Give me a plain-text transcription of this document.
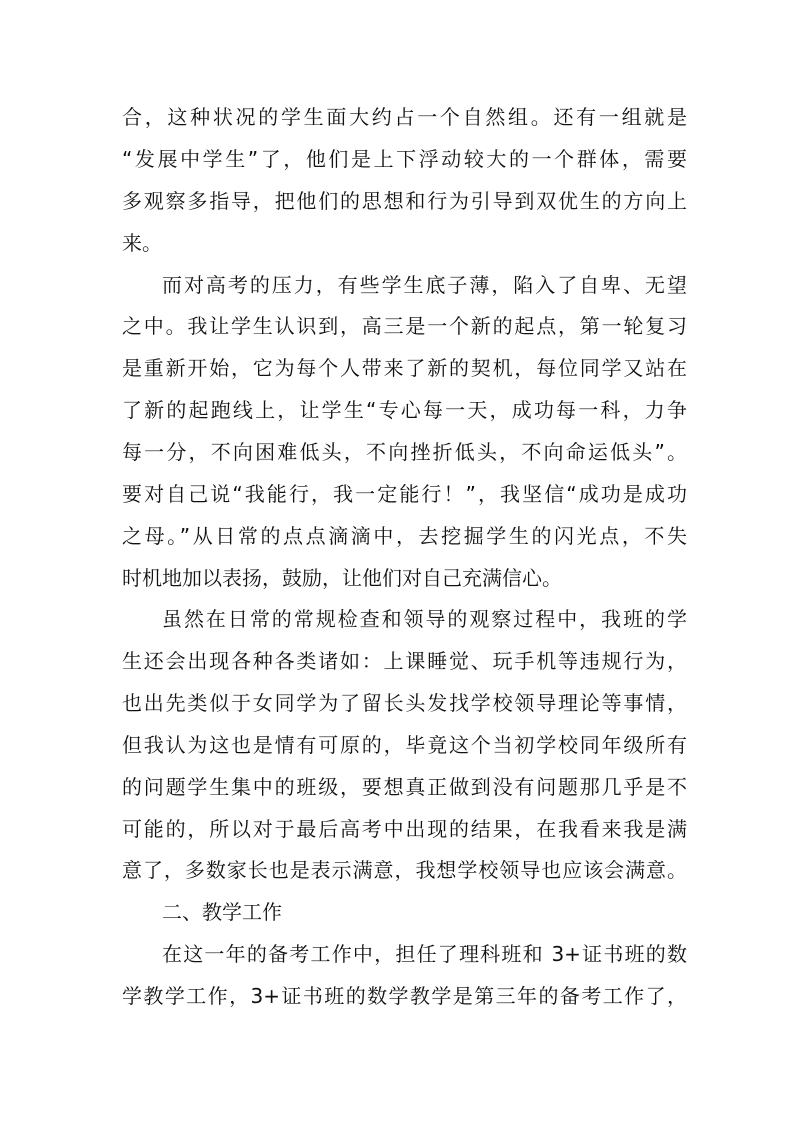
合，这种状况的学生面大约占一个自然组。还有一组就是

“发展中学生”了，他们是上下浮动较大的一个群体，需要

多观察多指导，把他们的思想和行为引导到双优生的方向上

来。

而对高考的压力，有些学生底子薄，陷入了自卑、无望

之中。我让学生认识到，高三是一个新的起点，第一轮复习

是重新开始，它为每个人带来了新的契机，每位同学又站在

了新的起跑线上，让学生“专心每一天，成功每一科，力争

每一分，不向困难低头，不向挫折低头，不向命运低头”。

要对自己说“我能行，我一定能行！”，我坚信“成功是成功

之母。”从日常的点点滴滴中，去挖掘学生的闪光点，不失

时机地加以表扬，鼓励，让他们对自己充满信心。

虽然在日常的常规检查和领导的观察过程中，我班的学

生还会出现各种各类诸如：上课睡觉、玩手机等违规行为，

也出先类似于女同学为了留长头发找学校领导理论等事情，

但我认为这也是情有可原的，毕竟这个当初学校同年级所有

的问题学生集中的班级，要想真正做到没有问题那几乎是不

可能的，所以对于最后高考中出现的结果，在我看来我是满

意了，多数家长也是表示满意，我想学校领导也应该会满意。

二、教学工作

在这一年的备考工作中，担任了理科班和 3+证书班的数

学教学工作，3+证书班的数学教学是第三年的备考工作了，
